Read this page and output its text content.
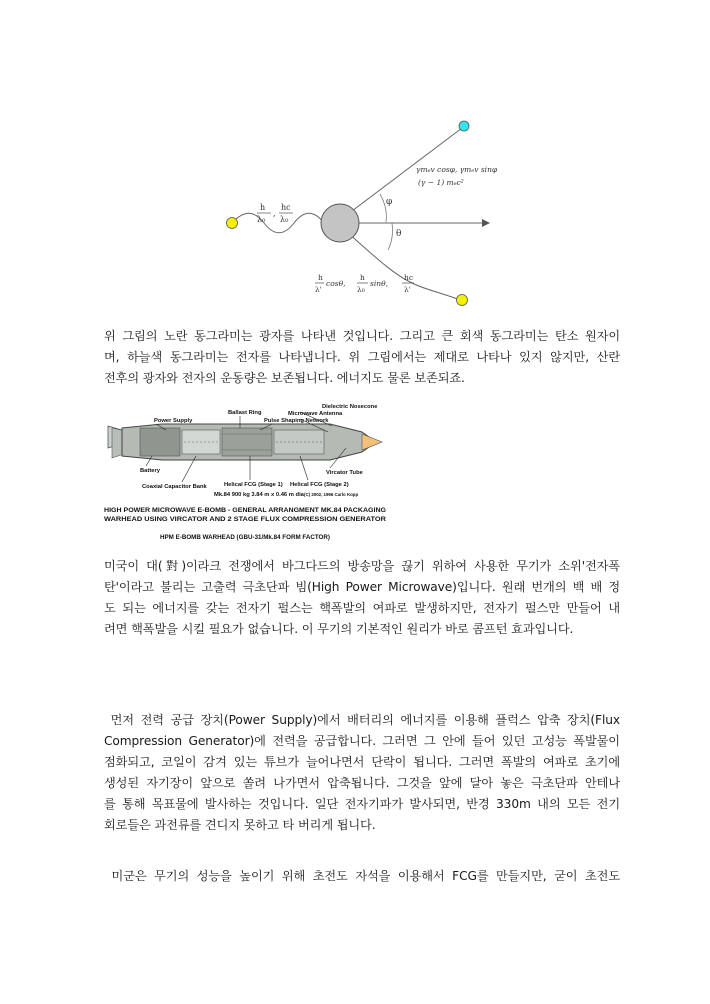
φ
θ
h
λ₀
,
hc
λ₀
γmₑv cosφ, γmₑv sinφ
(γ − 1) mₑc²
h
λ'
cosθ,
h
λ₀
sinθ,
hc
λ'

위 그림의 노란 동그라미는 광자를 나타낸 것입니다. 그리고 큰 회색 동그라미는 탄소 원자이
며, 하늘색 동그라미는 전자를 나타냅니다. 위 그림에서는 제대로 나타나 있지 않지만, 산란
전후의 광자와 전자의 운동량은 보존됩니다. 에너지도 물론 보존되죠.

Ballast Ring
Dielectric Nosecone
Microwave Antenna
Power Supply	Pulse Shaping Network
Battery	Vircator Tube
Coaxial Capacitor Bank	Helical FCG (Stage 1) Helical FCG (Stage 2)
Mk.84 900 kg 3.84 m x 0.46 m dia (C) 2002, 1996 Carlo Kopp
HIGH POWER MICROWAVE E-BOMB - GENERAL ARRANGMENT MK.84 PACKAGING
WARHEAD USING VIRCATOR AND 2 STAGE FLUX COMPRESSION GENERATOR
HPM E-BOMB WARHEAD (GBU-31/Mk.84 FORM FACTOR)

미국이 대(對)이라크 전쟁에서 바그다드의 방송망을 끊기 위하여 사용한 무기가 소위'전자폭
탄'이라고 불리는 고출력 극초단파 빔(High Power Microwave)입니다. 원래 번개의 백 배 정
도 되는 에너지를 갖는 전자기 펄스는 핵폭발의 여파로 발생하지만, 전자기 펄스만 만들어 내
려면 핵폭발을 시킬 필요가 없습니다. 이 무기의 기본적인 원리가 바로 콤프턴 효과입니다.

먼저 전력 공급 장치(Power Supply)에서 배터리의 에너지를 이용해 플럭스 압축 장치(Flux
Compression Generator)에 전력을 공급합니다. 그러면 그 안에 들어 있던 고성능 폭발물이
점화되고, 코일이 감겨 있는 튜브가 늘어나면서 단락이 됩니다. 그러면 폭발의 여파로 초기에
생성된 자기장이 앞으로 쏠려 나가면서 압축됩니다. 그것을 앞에 달아 놓은 극초단파 안테나
를 통해 목표물에 발사하는 것입니다. 일단 전자기파가 발사되면, 반경 330m 내의 모든 전기
회로들은 과전류를 견디지 못하고 타 버리게 됩니다.

미군은 무기의 성능을 높이기 위해 초전도 자석을 이용해서 FCG를 만들지만, 굳이 초전도
